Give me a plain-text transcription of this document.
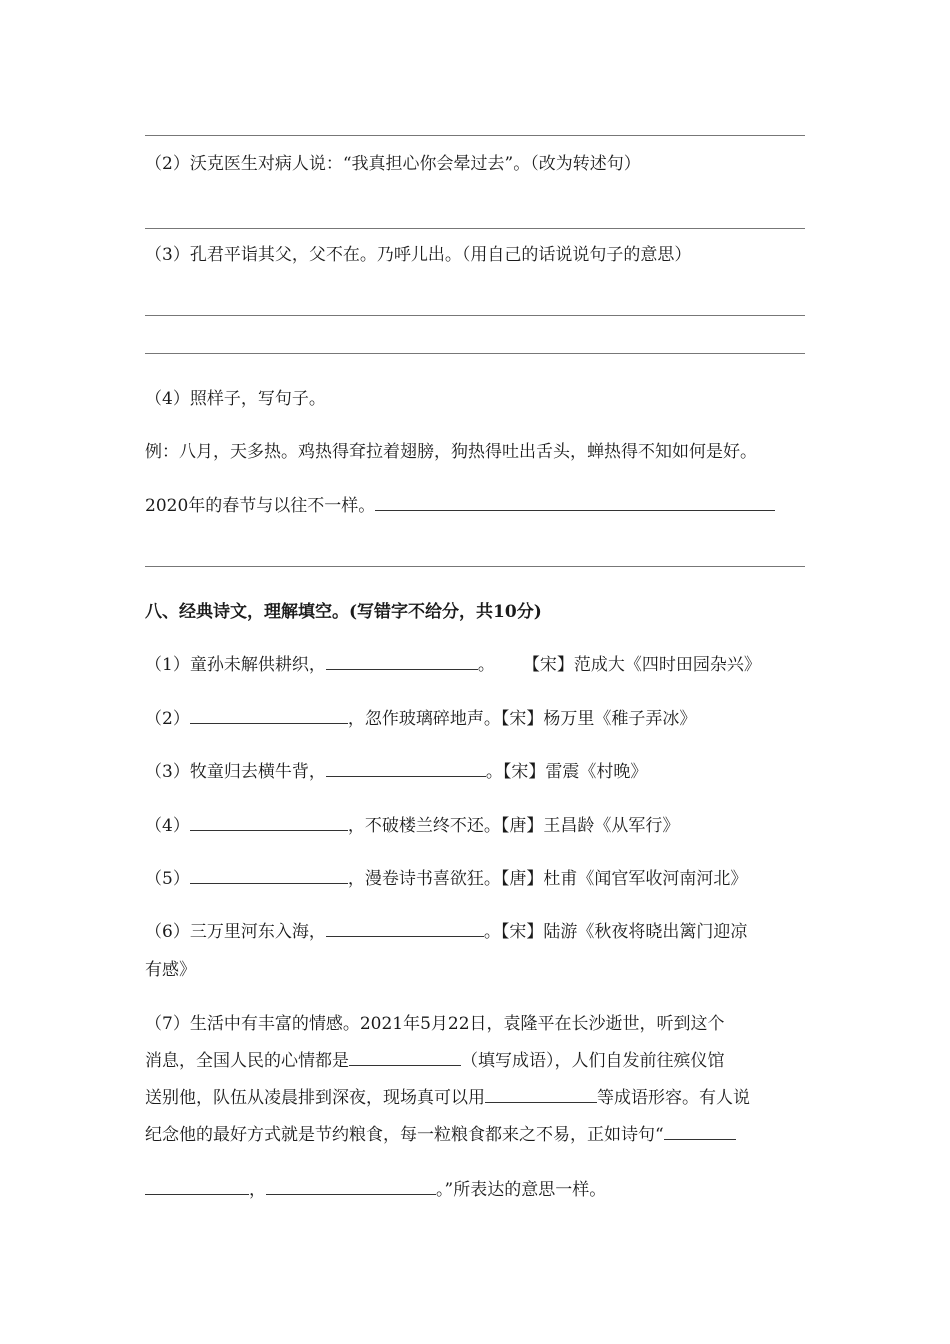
（2）沃克医生对病人说：“我真担心你会晕过去”。（改为转述句）
（3）孔君平诣其父，父不在。乃呼儿出。（用自己的话说说句子的意思）
（4）照样子，写句子。
例：八月，天多热。鸡热得耷拉着翅膀，狗热得吐出舌头，蝉热得不知如何是好。
2020年的春节与以往不一样。
八、经典诗文，理解填空。(写错字不给分，共10分)
（1）童孙未解供耕织，	。 【宋】范成大《四时田园杂兴》
（2）	，忽作玻璃碎地声。【宋】杨万里《稚子弄冰》
（3）牧童归去横牛背，	。【宋】雷震《村晚》
（4）	，不破楼兰终不还。【唐】王昌龄《从军行》
（5）	，漫卷诗书喜欲狂。【唐】杜甫《闻官军收河南河北》
（6）三万里河东入海，	。【宋】陆游《秋夜将晓出篱门迎凉
有感》
（7）生活中有丰富的情感。2021年5月22日，袁隆平在长沙逝世，听到这个
消息，全国人民的心情都是	（填写成语），人们自发前往殡仪馆
送别他，队伍从凌晨排到深夜，现场真可以用	等成语形容。有人说
纪念他的最好方式就是节约粮食，每一粒粮食都来之不易，正如诗句“
，	。”所表达的意思一样。
